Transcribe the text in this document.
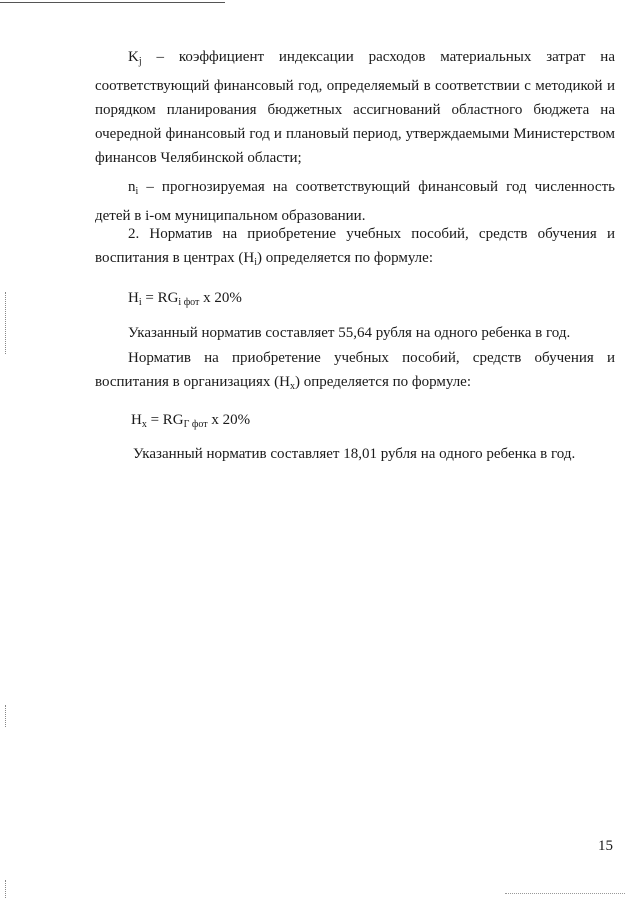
$K_j$ – коэффициент индексации расходов материальных затрат на соответствующий финансовый год, определяемый в соответствии с методикой и порядком планирования бюджетных ассигнований областного бюджета на очередной финансовый год и плановый период, утверждаемыми Министерством финансов Челябинской области;

$n_i$ – прогнозируемая на соответствующий финансовый год численность детей в i-ом муниципальном образовании.

2. Норматив на приобретение учебных пособий, средств обучения и воспитания в центрах $(H_i)$ определяется по формуле:

$H_i = RG_{i фот}$ x 20%
Указанный норматив составляет 55,64 рубля на одного ребенка в год.

Норматив на приобретение учебных пособий, средств обучения и воспитания в организациях $(H_x)$ определяется по формуле:

$H_x = RG_{Г фот}$ x 20%
Указанный норматив составляет 18,01 рубля на одного ребенка в год.
15
